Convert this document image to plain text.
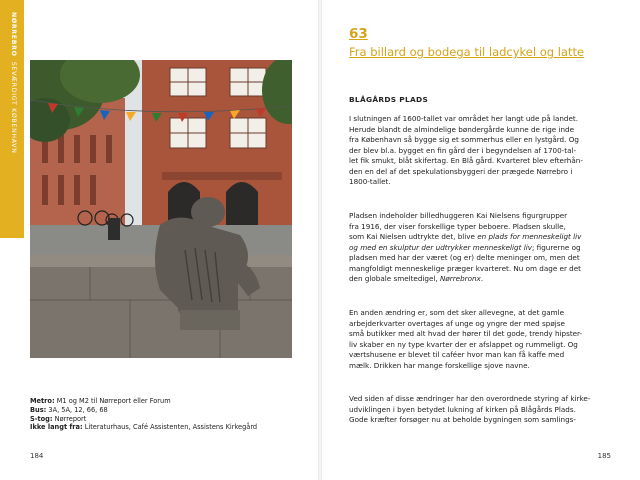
NØRREBRO  SEVÆRDIGT KØBENHAVN
Metro: M1 og M2 til Nørreport eller Forum
Bus: 3A, 5A, 12, 66, 68
S-tog: Nørreport
Ikke langt fra: Literaturhaus, Café Assistenten, Assistens Kirkegård
184
63
Fra billard og bodega til ladcykel og latte
BLÅGÅRDS PLADS
I slutningen af 1600-tallet var området her langt ude på landet.
Herude blandt de almindelige bøndergårde kunne de rige inde
fra København så bygge sig et sommerhus eller en lystgård. Og
der blev bl.a. bygget en fin gård der i begyndelsen af 1700-tal-
let fik smukt, blåt skifertag. En Blå gård. Kvarteret blev efterhån-
den en del af det spekulationsbyggeri der prægede Nørrebro i
1800-tallet.
Pladsen indeholder billedhuggeren Kai Nielsens figurgrupper
fra 1916, der viser forskellige typer beboere. Pladsen skulle,
som Kai Nielsen udtrykte det, blive en plads for menneskeligt liv
og med en skulptur der udtrykker menneskeligt liv; figurerne og
pladsen med har der været (og er) delte meninger om, men det
mangfoldigt menneskelige præger kvarteret. Nu om dage er det
den globale smeltedigel, Nørrebronx.
En anden ændring er, som det sker allevegne, at det gamle
arbejderkvarter overtages af unge og yngre der med spøjse
små butikker med alt hvad der hører til det gode, trendy hipster-
liv skaber en ny type kvarter der er afslappet og rummeligt. Og
værtshusene er blevet til caféer hvor man kan få kaffe med
mælk. Drikken har mange forskellige sjove navne.
Ved siden af disse ændringer har den overordnede styring af kirke-
udviklingen i byen betydet lukning af kirken på Blågårds Plads.
Gode kræfter forsøger nu at beholde bygningen som samlings-
185
